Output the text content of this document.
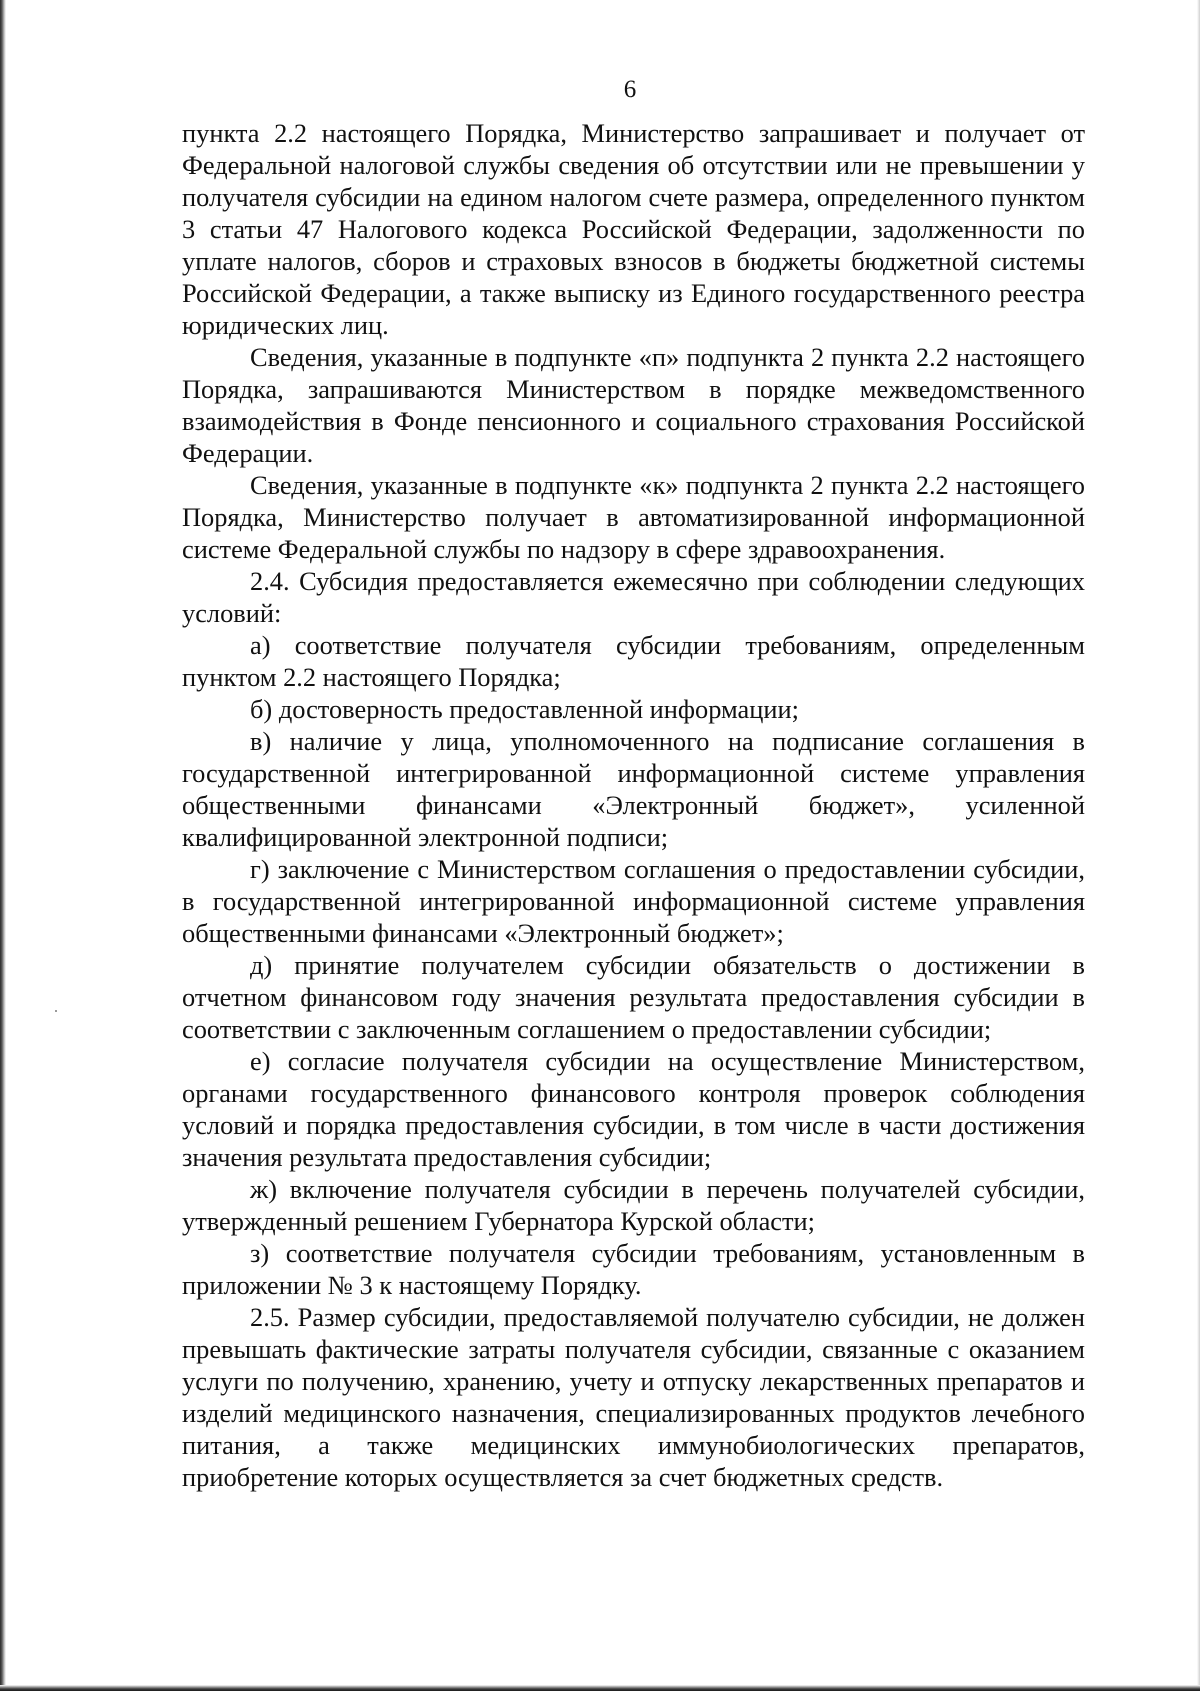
6

пункта 2.2 настоящего Порядка, Министерство запрашивает и получает от Федеральной налоговой службы сведения об отсутствии или не превышении у получателя субсидии на едином налогом счете размера, определенного пунктом 3 статьи 47 Налогового кодекса Российской Федерации, задолженности по уплате налогов, сборов и страховых взносов в бюджеты бюджетной системы Российской Федерации, а также выписку из Единого государственного реестра юридических лиц.

Сведения, указанные в подпункте «п» подпункта 2 пункта 2.2 настоящего Порядка, запрашиваются Министерством в порядке межведомственного взаимодействия в Фонде пенсионного и социального страхования Российской Федерации.

Сведения, указанные в подпункте «к» подпункта 2 пункта 2.2 настоящего Порядка, Министерство получает в автоматизированной информационной системе Федеральной службы по надзору в сфере здравоохранения.

2.4. Субсидия предоставляется ежемесячно при соблюдении следующих условий:

а) соответствие получателя субсидии требованиям, определенным пунктом 2.2 настоящего Порядка;

б) достоверность предоставленной информации;

в) наличие у лица, уполномоченного на подписание соглашения в государственной интегрированной информационной системе управления общественными финансами «Электронный бюджет», усиленной квалифицированной электронной подписи;

г) заключение с Министерством соглашения о предоставлении субсидии, в государственной интегрированной информационной системе управления общественными финансами «Электронный бюджет»;

д) принятие получателем субсидии обязательств о достижении в отчетном финансовом году значения результата предоставления субсидии в соответствии с заключенным соглашением о предоставлении субсидии;

е) согласие получателя субсидии на осуществление Министерством, органами государственного финансового контроля проверок соблюдения условий и порядка предоставления субсидии, в том числе в части достижения значения результата предоставления субсидии;

ж) включение получателя субсидии в перечень получателей субсидии, утвержденный решением Губернатора Курской области;

з) соответствие получателя субсидии требованиям, установленным в приложении № 3 к настоящему Порядку.

2.5. Размер субсидии, предоставляемой получателю субсидии, не должен превышать фактические затраты получателя субсидии, связанные с оказанием услуги по получению, хранению, учету и отпуску лекарственных препаратов и изделий медицинского назначения, специализированных продуктов лечебного питания, а также медицинских иммунобиологических препаратов, приобретение которых осуществляется за счет бюджетных средств.
